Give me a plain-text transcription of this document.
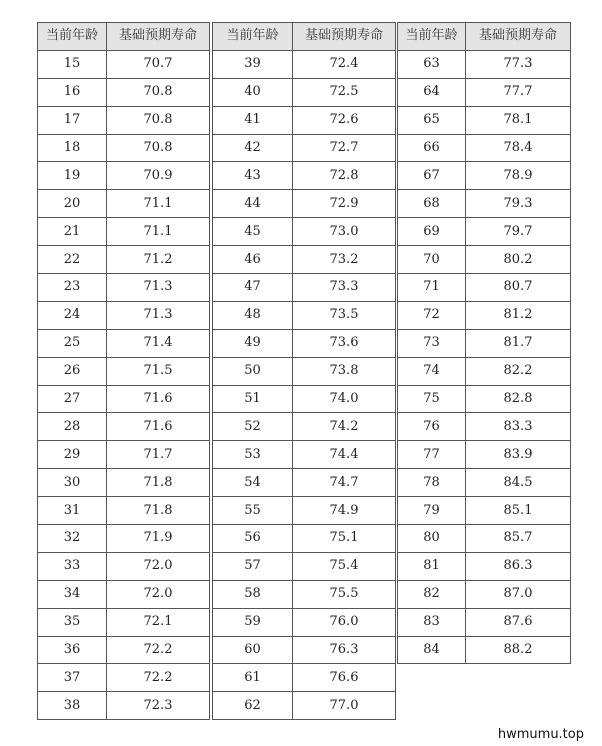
当前年龄	基础预期寿命
15	70.7
16	70.8
17	70.8
18	70.8
19	70.9
20	71.1
21	71.1
22	71.2
23	71.3
24	71.3
25	71.4
26	71.5
27	71.6
28	71.6
29	71.7
30	71.8
31	71.8
32	71.9
33	72.0
34	72.0
35	72.1
36	72.2
37	72.2
38	72.3
当前年龄	基础预期寿命
39	72.4
40	72.5
41	72.6
42	72.7
43	72.8
44	72.9
45	73.0
46	73.2
47	73.3
48	73.5
49	73.6
50	73.8
51	74.0
52	74.2
53	74.4
54	74.7
55	74.9
56	75.1
57	75.4
58	75.5
59	76.0
60	76.3
61	76.6
62	77.0
当前年龄	基础预期寿命
63	77.3
64	77.7
65	78.1
66	78.4
67	78.9
68	79.3
69	79.7
70	80.2
71	80.7
72	81.2
73	81.7
74	82.2
75	82.8
76	83.3
77	83.9
78	84.5
79	85.1
80	85.7
81	86.3
82	87.0
83	87.6
84	88.2
hwmumu.top
